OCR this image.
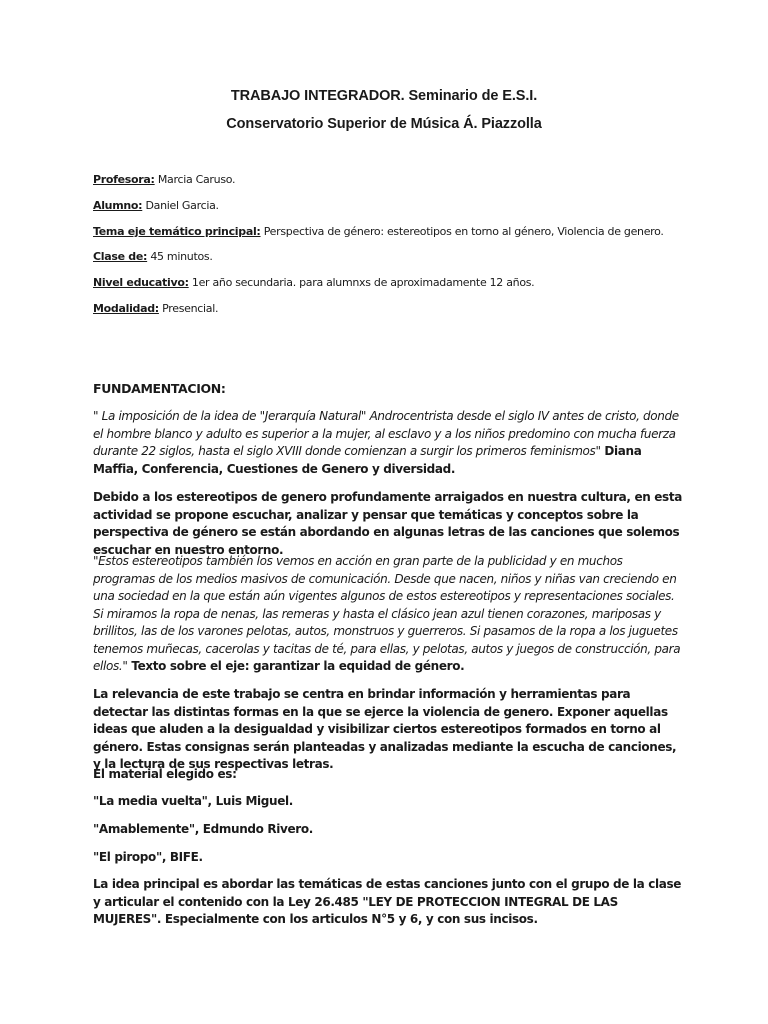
TRABAJO INTEGRADOR. Seminario de E.S.I.
Conservatorio Superior de Música Á. Piazzolla
Profesora: Marcia Caruso.
Alumno: Daniel Garcia.
Tema eje temático principal: Perspectiva de género: estereotipos en torno al género, Violencia de genero.
Clase de: 45 minutos.
Nivel educativo: 1er año secundaria. para alumnxs de aproximadamente 12 años.
Modalidad: Presencial.
FUNDAMENTACION:
" La imposición de la idea de "Jerarquía Natural" Androcentrista desde el siglo IV antes de cristo, donde el hombre blanco y adulto es superior a la mujer, al esclavo y a los niños predomino con mucha fuerza durante 22 siglos, hasta el siglo XVIII donde comienzan a surgir los primeros feminismos" Diana Maffia, Conferencia, Cuestiones de Genero y diversidad.
Debido a los estereotipos de genero profundamente arraigados en nuestra cultura, en esta actividad se propone escuchar, analizar y pensar que temáticas y conceptos sobre la perspectiva de género se están abordando en algunas letras de las canciones que solemos escuchar en nuestro entorno.
"Estos estereotipos también los vemos en acción en gran parte de la publicidad y en muchos programas de los medios masivos de comunicación. Desde que nacen, niños y niñas van creciendo en una sociedad en la que están aún vigentes algunos de estos estereotipos y representaciones sociales. Si miramos la ropa de nenas, las remeras y hasta el clásico jean azul tienen corazones, mariposas y brillitos, las de los varones pelotas, autos, monstruos y guerreros. Si pasamos de la ropa a los juguetes tenemos muñecas, cacerolas y tacitas de té, para ellas, y pelotas, autos y juegos de construcción, para ellos." Texto sobre el eje: garantizar la equidad de género.
La relevancia de este trabajo se centra en brindar información y herramientas para detectar las distintas formas en la que se ejerce la violencia de genero. Exponer aquellas ideas que aluden a la desigualdad y visibilizar ciertos estereotipos formados en torno al género. Estas consignas serán planteadas y analizadas mediante la escucha de canciones, y la lectura de sus respectivas letras.
El material elegido es:
"La media vuelta", Luis Miguel.
"Amablemente", Edmundo Rivero.
"El piropo", BIFE.
La idea principal es abordar las temáticas de estas canciones junto con el grupo de la clase y articular el contenido con la Ley 26.485 "LEY DE PROTECCION INTEGRAL DE LAS MUJERES". Especialmente con los articulos N°5 y 6, y con sus incisos.
